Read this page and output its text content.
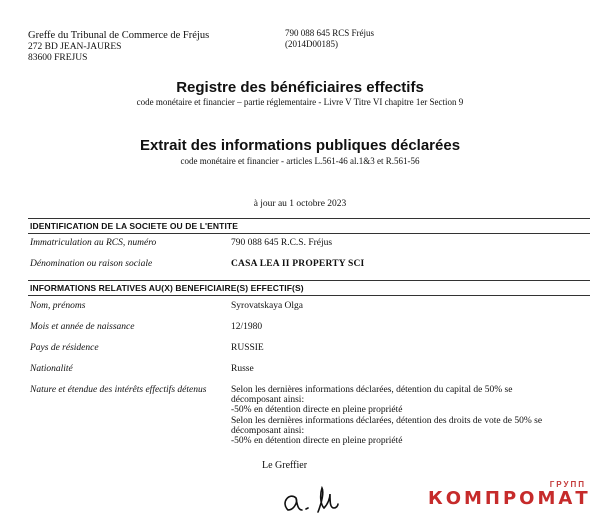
Greffe du Tribunal de Commerce de Fréjus
272 BD JEAN-JAURES
83600 FREJUS
790 088 645 RCS Fréjus
(2014D00185)
Registre des bénéficiaires effectifs
code monétaire et financier – partie réglementaire - Livre V Titre VI chapitre 1er Section 9
Extrait des informations publiques déclarées
code monétaire et financier - articles L.561-46 al.1&3 et R.561-56
à jour au 1 octobre 2023
IDENTIFICATION DE LA SOCIETE OU DE L'ENTITE
Immatriculation au RCS, numéro	790 088 645 R.C.S. Fréjus
Dénomination ou raison sociale	CASA LEA II PROPERTY SCI
INFORMATIONS RELATIVES AU(X) BENEFICIAIRE(S) EFFECTIF(S)
Nom, prénoms	Syrovatskaya Olga
Mois et année de naissance	12/1980
Pays de résidence	RUSSIE
Nationalité	Russe
Nature et étendue des intérêts effectifs détenus	Selon les dernières informations déclarées, détention du capital de 50% se décomposant ainsi:

-50% en détention directe en pleine propriété

Selon les dernières informations déclarées, détention des droits de vote de 50% se décomposant ainsi:

-50% en détention directe en pleine propriété

Le Greffier
ГРУПП
КОМПРОМАТ
